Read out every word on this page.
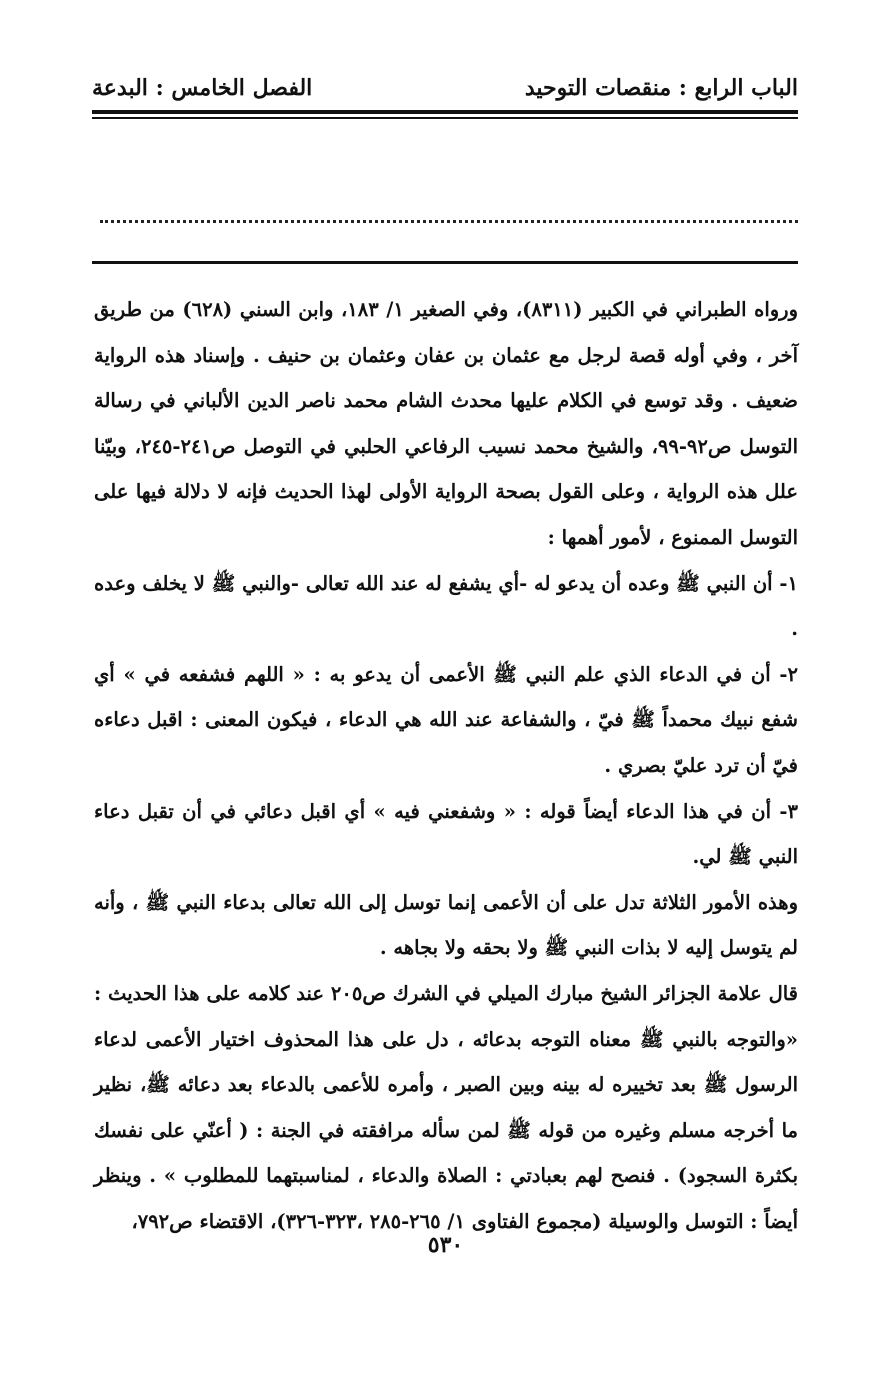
الباب الرابع : منقصات التوحيد
الفصل الخامس : البدعة

ورواه الطبراني في الكبير (٨٣١١)، وفي الصغير ١/ ١٨٣، وابن السني (٦٢٨) من طريق آخر ، وفي أوله قصة لرجل مع عثمان بن عفان وعثمان بن حنيف . وإسناد هذه الرواية ضعيف . وقد توسع في الكلام عليها محدث الشام محمد ناصر الدين الألباني في رسالة التوسل ص٩٢-٩٩، والشيخ محمد نسيب الرفاعي الحلبي في التوصل ص٢٤١-٢٤٥، وبيّنا علل هذه الرواية ، وعلى القول بصحة الرواية الأولى لهذا الحديث فإنه لا دلالة فيها على التوسل الممنوع ، لأمور أهمها :

١- أن النبي ﷺ وعده أن يدعو له -أي يشفع له عند الله تعالى -والنبي ﷺ لا يخلف وعده .

٢- أن في الدعاء الذي علم النبي ﷺ الأعمى أن يدعو به : « اللهم فشفعه في » أي شفع نبيك محمداً ﷺ فيّ ، والشفاعة عند الله هي الدعاء ، فيكون المعنى : اقبل دعاءه فيّ أن ترد عليّ بصري .

٣- أن في هذا الدعاء أيضاً قوله : « وشفعني فيه » أي اقبل دعائي في أن تقبل دعاء النبي ﷺ لي.

وهذه الأمور الثلاثة تدل على أن الأعمى إنما توسل إلى الله تعالى بدعاء النبي ﷺ ، وأنه لم يتوسل إليه لا بذات النبي ﷺ ولا بحقه ولا بجاهه .

قال علامة الجزائر الشيخ مبارك الميلي في الشرك ص٢٠٥ عند كلامه على هذا الحديث : «والتوجه بالنبي ﷺ معناه التوجه بدعائه ، دل على هذا المحذوف اختيار الأعمى لدعاء الرسول ﷺ بعد تخييره له بينه وبين الصبر ، وأمره للأعمى بالدعاء بعد دعائه ﷺ، نظير ما أخرجه مسلم وغيره من قوله ﷺ لمن سأله مرافقته في الجنة : ( أعنّي على نفسك بكثرة السجود) . فنصح لهم بعبادتي : الصلاة والدعاء ، لمناسبتهما للمطلوب » . وينظر أيضاً : التوسل والوسيلة (مجموع الفتاوى ١/ ٢٦٥-٢٨٥ ،٣٢٣-٣٢٦)، الاقتضاء ص٧٩٢،

٥٣٠
